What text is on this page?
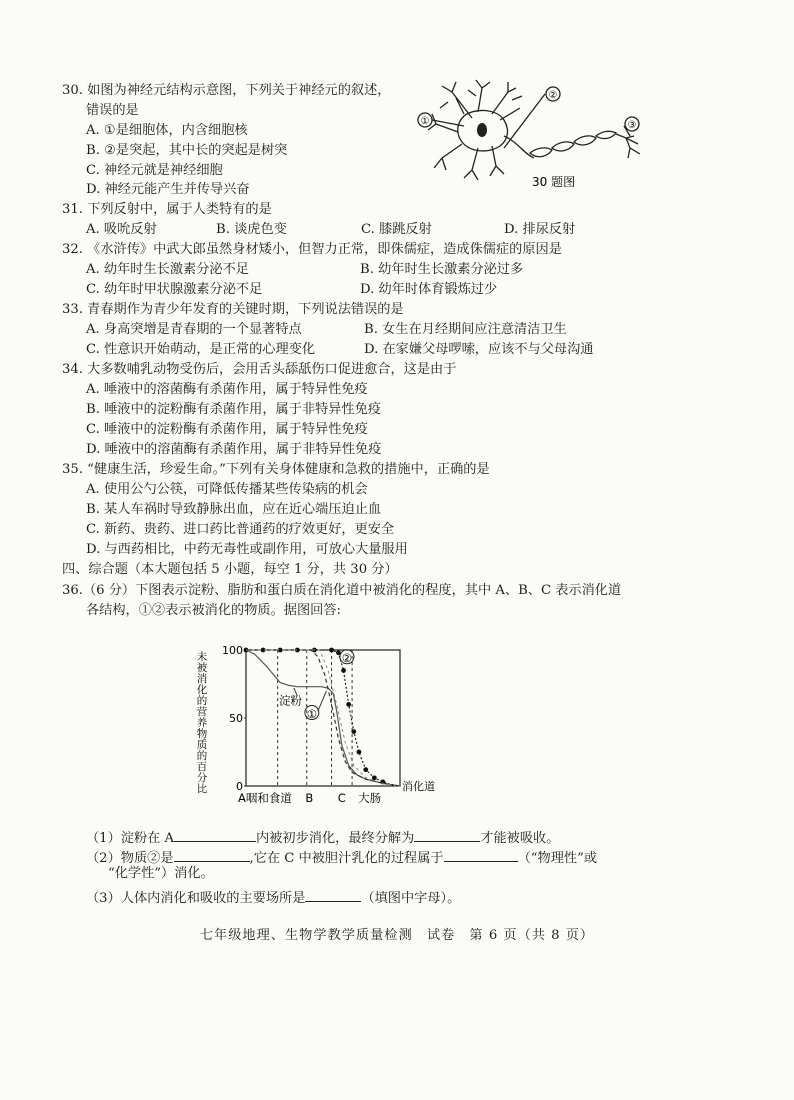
30. 如图为神经元结构示意图，下列关于神经元的叙述，
错误的是
A. ①是细胞体，内含细胞核
B. ②是突起，其中长的突起是树突
C. 神经元就是神经细胞
D. 神经元能产生并传导兴奋
①
②
③
30 题图
31. 下列反射中，属于人类特有的是
A. 吸吮反射	B. 谈虎色变	C. 膝跳反射	D. 排尿反射
32. 《水浒传》中武大郎虽然身材矮小，但智力正常，即侏儒症，造成侏儒症的原因是
A. 幼年时生长激素分泌不足	B. 幼年时生长激素分泌过多
C. 幼年时甲状腺激素分泌不足	D. 幼年时体育锻炼过少
33. 青春期作为青少年发育的关键时期，下列说法错误的是
A. 身高突增是青春期的一个显著特点	B. 女生在月经期间应注意清洁卫生
C. 性意识开始萌动，是正常的心理变化	D. 在家嫌父母啰嗦，应该不与父母沟通
34. 大多数哺乳动物受伤后，会用舌头舔舐伤口促进愈合，这是由于
A. 唾液中的溶菌酶有杀菌作用，属于特异性免疫
B. 唾液中的淀粉酶有杀菌作用，属于非特异性免疫
C. 唾液中的淀粉酶有杀菌作用，属于特异性免疫
D. 唾液中的溶菌酶有杀菌作用，属于非特异性免疫
35. “健康生活，珍爱生命。”下列有关身体健康和急救的措施中，正确的是
A. 使用公勺公筷，可降低传播某些传染病的机会
B. 某人车祸时导致静脉出血，应在近心端压迫止血
C. 新药、贵药、进口药比普通药的疗效更好，更安全
D. 与西药相比，中药无毒性或副作用，可放心大量服用
四、综合题（本大题包括 5 小题，每空 1 分，共 30 分）
36.（6 分）下图表示淀粉、脂肪和蛋白质在消化道中被消化的程度，其中 A、B、C 表示消化道
各结构，①②表示被消化的物质。据图回答:
未
被
消
化
的
营
养
物
质
的
百
分
比
100
50
0
A咽和食道 B C 大肠
消化道
淀粉
①
②
（1）淀粉在 A	内被初步消化，最终分解为	才能被吸收。
（2）物质②是	,它在 C 中被胆汁乳化的过程属于	（“物理性”或
“化学性”）消化。
（3）人体内消化和吸收的主要场所是	（填图中字母）。
七年级地理、生物学教学质量检测　试卷　第 6 页（共 8 页）
